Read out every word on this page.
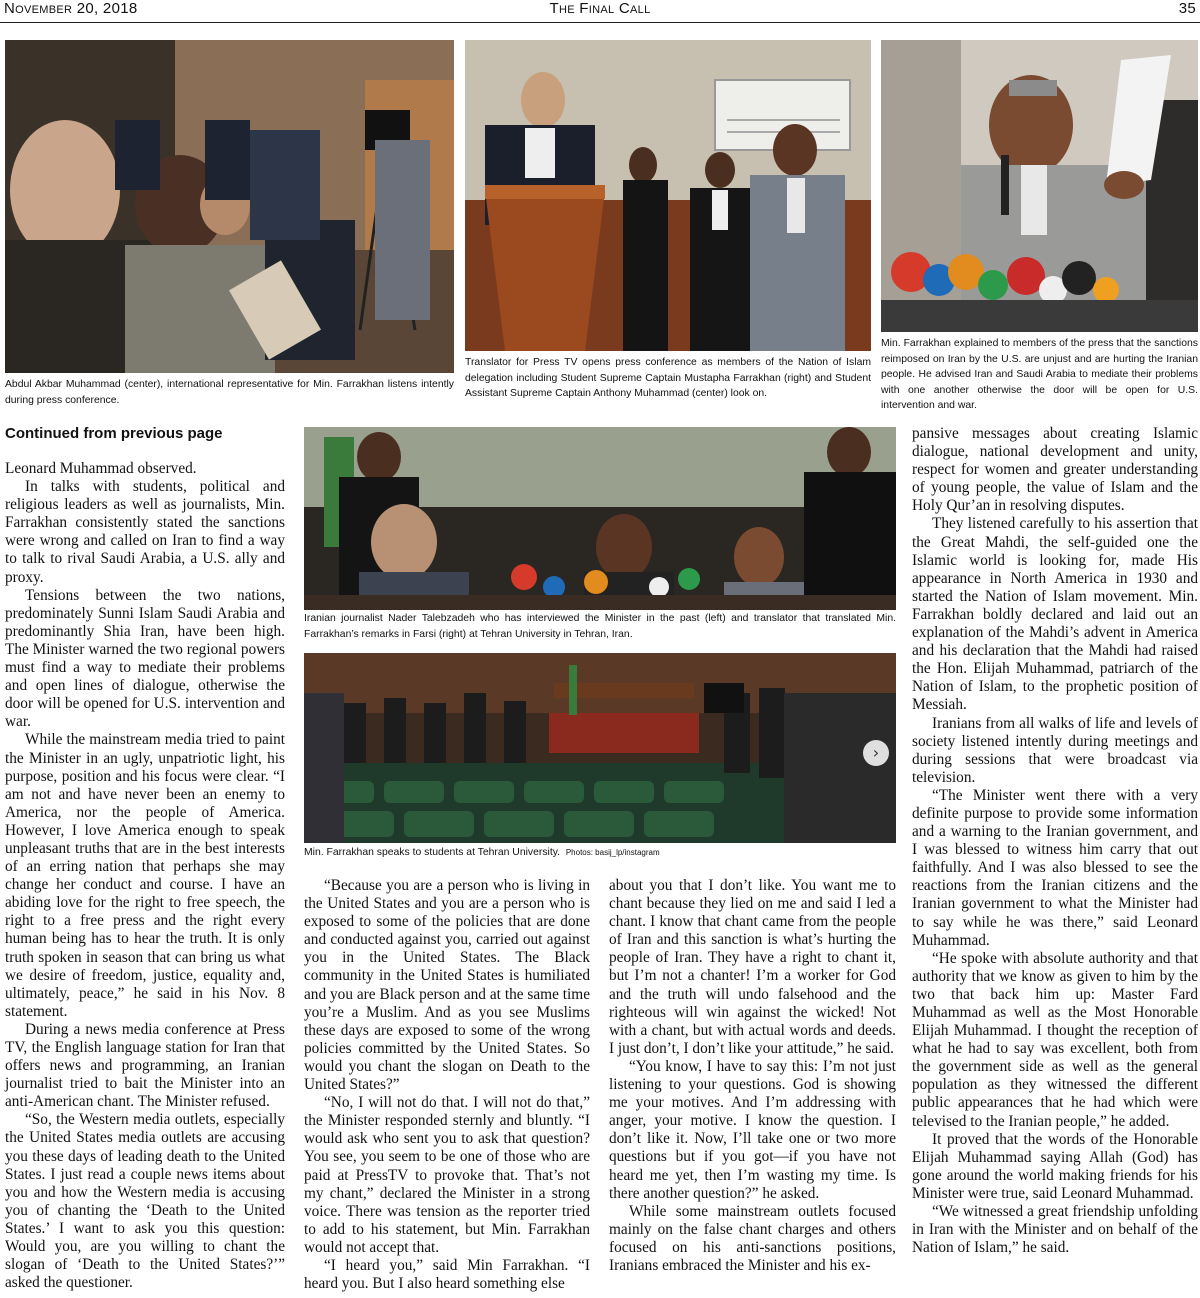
The Final Call
November 20, 2018	35
Abdul Akbar Muhammad (center), international representative for Min. Farrakhan listens intently during press conference.
Translator for Press TV opens press conference as members of the Nation of Islam delegation including Student Supreme Captain Mustapha Farrakhan (right) and Student Assistant Supreme Captain Anthony Muhammad (center) look on.
Min. Farrakhan explained to members of the press that the sanctions reimposed on Iran by the U.S. are unjust and are hurting the Iranian people. He advised Iran and Saudi Arabia to mediate their problems with one another otherwise the door will be open for U.S. intervention and war.
Continued from previous page

Leonard Muhammad observed.

In talks with students, political and religious leaders as well as journalists, Min. Farrakhan consistently stated the sanctions were wrong and called on Iran to find a way to talk to rival Saudi Arabia, a U.S. ally and proxy.

Tensions between the two nations, predominately Sunni Islam Saudi Arabia and predominantly Shia Iran, have been high. The Minister warned the two regional powers must find a way to mediate their problems and open lines of dialogue, otherwise the door will be opened for U.S. intervention and war.

While the mainstream media tried to paint the Minister in an ugly, unpatriotic light, his purpose, position and his focus were clear. “I am not and have never been an enemy to America, nor the people of America. However, I love America enough to speak unpleasant truths that are in the best interests of an erring nation that perhaps she may change her conduct and course. I have an abiding love for the right to free speech, the right to a free press and the right every human being has to hear the truth. It is only truth spoken in season that can bring us what we desire of freedom, justice, equality and, ultimately, peace,” he said in his Nov. 8 statement.

During a news media conference at Press TV, the English language station for Iran that offers news and programming, an Iranian journalist tried to bait the Minister into an anti-American chant. The Minister refused.

“So, the Western media outlets, especially the United States media outlets are accusing you these days of leading death to the United States. I just read a couple news items about you and how the Western media is accusing you of chanting the ‘Death to the United States.’ I want to ask you this question: Would you, are you willing to chant the slogan of ‘Death to the United States?’” asked the questioner.

Iranian journalist Nader Talebzadeh who has interviewed the Minister in the past (left) and translator that translated Min. Farrakhan’s remarks in Farsi (right) at Tehran University in Tehran, Iran.
›
Min. Farrakhan speaks to students at Tehran University. Photos: basij_lp/instagram

“Because you are a person who is living in the United States and you are a person who is exposed to some of the policies that are done and conducted against you, carried out against you in the United States. The Black community in the United States is humiliated and you are Black person and at the same time you’re a Muslim. And as you see Muslims these days are exposed to some of the wrong policies committed by the United States. So would you chant the slogan on Death to the United States?”

“No, I will not do that. I will not do that,” the Minister responded sternly and bluntly. “I would ask who sent you to ask that question? You see, you seem to be one of those who are paid at PressTV to provoke that. That’s not my chant,” declared the Minister in a strong voice. There was tension as the reporter tried to add to his statement, but Min. Farrakhan would not accept that.

“I heard you,” said Min Farrakhan. “I heard you. But I also heard something else

about you that I don’t like. You want me to chant because they lied on me and said I led a chant. I know that chant came from the people of Iran and this sanction is what’s hurting the people of Iran. They have a right to chant it, but I’m not a chanter! I’m a worker for God and the truth will undo falsehood and the righteous will win against the wicked! Not with a chant, but with actual words and deeds. I just don’t, I don’t like your attitude,” he said.

“You know, I have to say this: I’m not just listening to your questions. God is showing me your motives. And I’m addressing with anger, your motive. I know the question. I don’t like it. Now, I’ll take one or two more questions but if you got—if you have not heard me yet, then I’m wasting my time. Is there another question?” he asked.

While some mainstream outlets focused mainly on the false chant charges and others focused on his anti-sanctions positions, Iranians embraced the Minister and his ex-

pansive messages about creating Islamic dialogue, national development and unity, respect for women and greater understanding of young people, the value of Islam and the Holy Qur’an in resolving disputes.

They listened carefully to his assertion that the Great Mahdi, the self-guided one the Islamic world is looking for, made His appearance in North America in 1930 and started the Nation of Islam movement. Min. Farrakhan boldly declared and laid out an explanation of the Mahdi’s advent in America and his declaration that the Mahdi had raised the Hon. Elijah Muhammad, patriarch of the Nation of Islam, to the prophetic position of Messiah.

Iranians from all walks of life and levels of society listened intently during meetings and during sessions that were broadcast via television.

“The Minister went there with a very definite purpose to provide some information and a warning to the Iranian government, and I was blessed to witness him carry that out faithfully. And I was also blessed to see the reactions from the Iranian citizens and the Iranian government to what the Minister had to say while he was there,” said Leonard Muhammad.

“He spoke with absolute authority and that authority that we know as given to him by the two that back him up: Master Fard Muhammad as well as the Most Honorable Elijah Muhammad. I thought the reception of what he had to say was excellent, both from the government side as well as the general population as they witnessed the different public appearances that he had which were televised to the Iranian people,” he added.

It proved that the words of the Honorable Elijah Muhammad saying Allah (God) has gone around the world making friends for his Minister were true, said Leonard Muhammad.

“We witnessed a great friendship unfolding in Iran with the Minister and on behalf of the Nation of Islam,” he said.
